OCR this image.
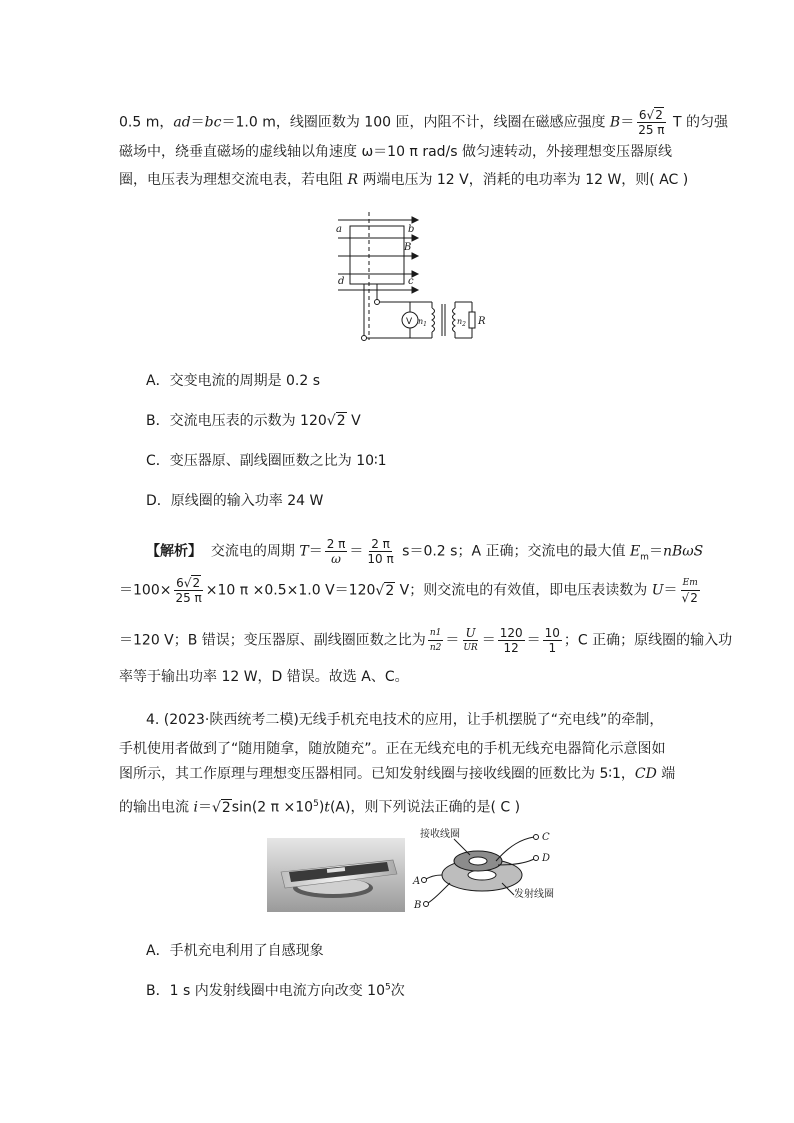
0.5 m，ad＝bc＝1.0 m，线圈匝数为 100 匝，内阻不计，线圈在磁感应强度 $B= \frac{6√2}{25 \pi}$ T 的匀强
磁场中，绕垂直磁场的虚线轴以角速度 ω＝10 π rad/s 做匀速转动，外接理想变压器原线
圈，电压表为理想交流电表，若电阻 R 两端电压为 12 V，消耗的电功率为 12 W，则( AC )
a	b
c
d
B
$n_1$	$n_2$ R
V
A．交变电流的周期是 0.2 s
B．交流电压表的示数为 120√2 V
C．变压器原、副线圈匝数之比为 10∶1
D．原线圈的输入功率 24 W
【解析】 交流电的周期 $T= \frac{2 \pi}{\omega} = \frac{2 \pi}{10 \pi} s=0.2$ s；A 正确；交流电的最大值 $E_m=nB\omega S$
$=100\times \frac{6√2}{25 \pi} \times 10$ π ×0.5×1.0 V＝120√2 V；则交流电的有效值，即电压表读数为 $U= \frac{Em}{√2}$
＝120 V；B 错误；变压器原、副线圈匝数之比为 $\frac{n1}{n2} = \frac{U}{UR} = \frac{120}{12} = \frac{10}{1}$ ；C 正确；原线圈的输入功
率等于输出功率 12 W，D 错误。故选 A、C。
4. (2023·陕西统考二模)无线手机充电技术的应用，让手机摆脱了“充电线”的牵制，
手机使用者做到了“随用随拿，随放随充”。正在无线充电的手机无线充电器简化示意图如
图所示，其工作原理与理想变压器相同。已知发射线圈与接收线圈的匝数比为 5∶1，CD 端
的输出电流 i＝√2sin(2 $\pi \times 10^5)t(A)$，则下列说法正确的是( C )
接收线圈
发射线圈
C
D
A
B
A．手机充电利用了自感现象
B．1 s 内发射线圈中电流方向改变 $10^5$次
